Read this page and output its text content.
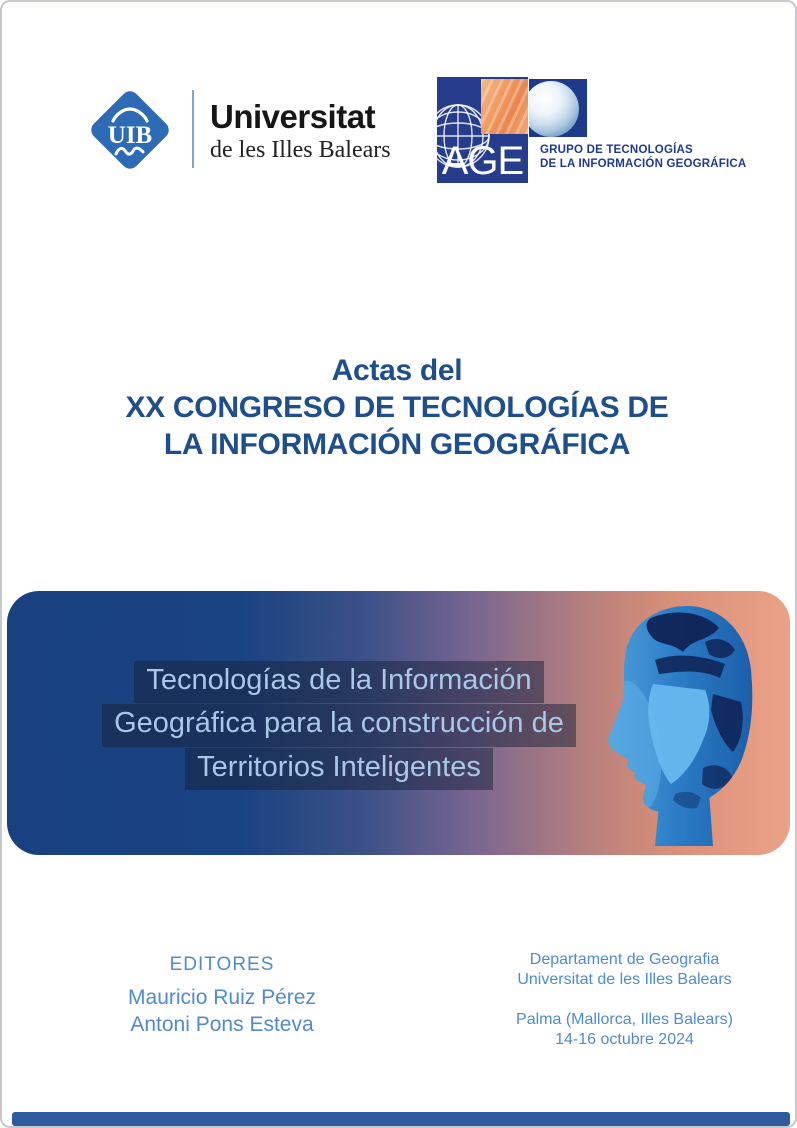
UIB
Universitat
de les Illes Balears AGE	GRUPO DE TECNOLOGÍAS
DE LA INFORMACIÓN GEOGRÁFICA
Actas del
XX CONGRESO DE TECNOLOGÍAS DE
LA INFORMACIÓN GEOGRÁFICA
Tecnologías de la Información
Geográfica para la construcción de
Territorios Inteligentes
EDITORES
Mauricio Ruiz Pérez
Antoni Pons Esteva
Departament de Geografia
Universitat de les Illes Balears
Palma (Mallorca, Illes Balears)
14-16 octubre 2024
